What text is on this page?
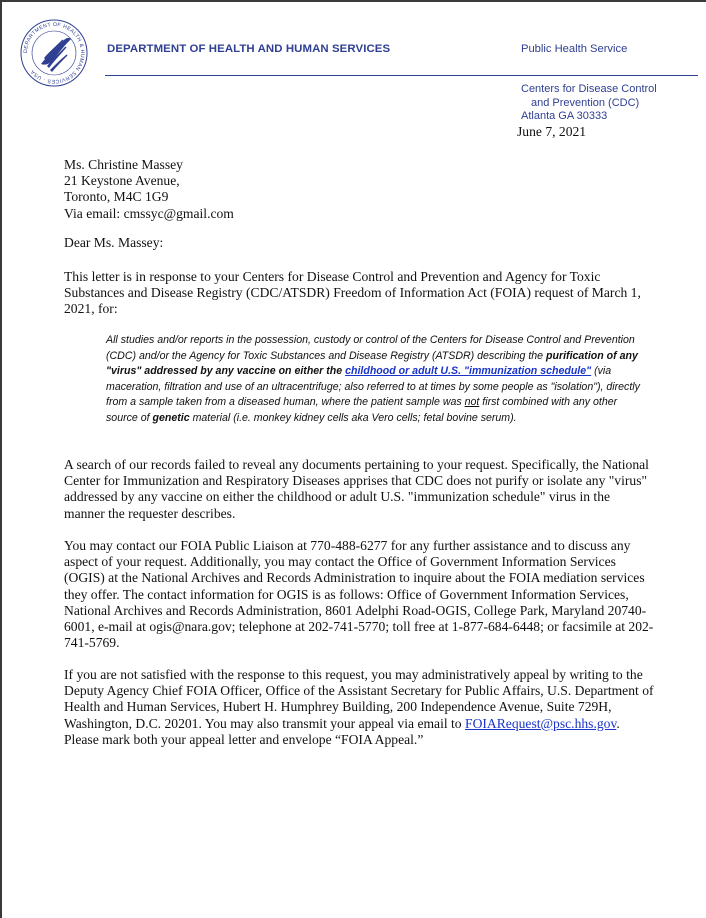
DEPARTMENT OF HEALTH & HUMAN SERVICES · USA
DEPARTMENT OF HEALTH AND HUMAN SERVICES	Public Health Service
Centers for Disease Control
and Prevention (CDC)
Atlanta GA 30333
June 7, 2021
Ms. Christine Massey
21 Keystone Avenue,
Toronto, M4C 1G9
Via email: cmssyc@gmail.com
Dear Ms. Massey:
This letter is in response to your Centers for Disease Control and Prevention and Agency for Toxic Substances and Disease Registry (CDC/ATSDR) Freedom of Information Act (FOIA) request of March 1, 2021, for:
All studies and/or reports in the possession, custody or control of the Centers for Disease Control and Prevention (CDC) and/or the Agency for Toxic Substances and Disease Registry (ATSDR) describing the purification of any "virus" addressed by any vaccine on either the childhood or adult U.S. "immunization schedule" (via maceration, filtration and use of an ultracentrifuge; also referred to at times by some people as "isolation"), directly from a sample taken from a diseased human, where the patient sample was not first combined with any other source of genetic material (i.e. monkey kidney cells aka Vero cells; fetal bovine serum).
A search of our records failed to reveal any documents pertaining to your request. Specifically, the National Center for Immunization and Respiratory Diseases apprises that CDC does not purify or isolate any "virus" addressed by any vaccine on either the childhood or adult U.S. "immunization schedule" virus in the manner the requester describes.
You may contact our FOIA Public Liaison at 770-488-6277 for any further assistance and to discuss any aspect of your request. Additionally, you may contact the Office of Government Information Services (OGIS) at the National Archives and Records Administration to inquire about the FOIA mediation services they offer. The contact information for OGIS is as follows: Office of Government Information Services, National Archives and Records Administration, 8601 Adelphi Road-OGIS, College Park, Maryland 20740-6001, e-mail at ogis@nara.gov; telephone at 202-741-5770; toll free at 1-877-684-6448; or facsimile at 202-741-5769.
If you are not satisfied with the response to this request, you may administratively appeal by writing to the Deputy Agency Chief FOIA Officer, Office of the Assistant Secretary for Public Affairs, U.S. Department of Health and Human Services, Hubert H. Humphrey Building, 200 Independence Avenue, Suite 729H, Washington, D.C. 20201. You may also transmit your appeal via email to FOIARequest@psc.hhs.gov. Please mark both your appeal letter and envelope “FOIA Appeal.”
